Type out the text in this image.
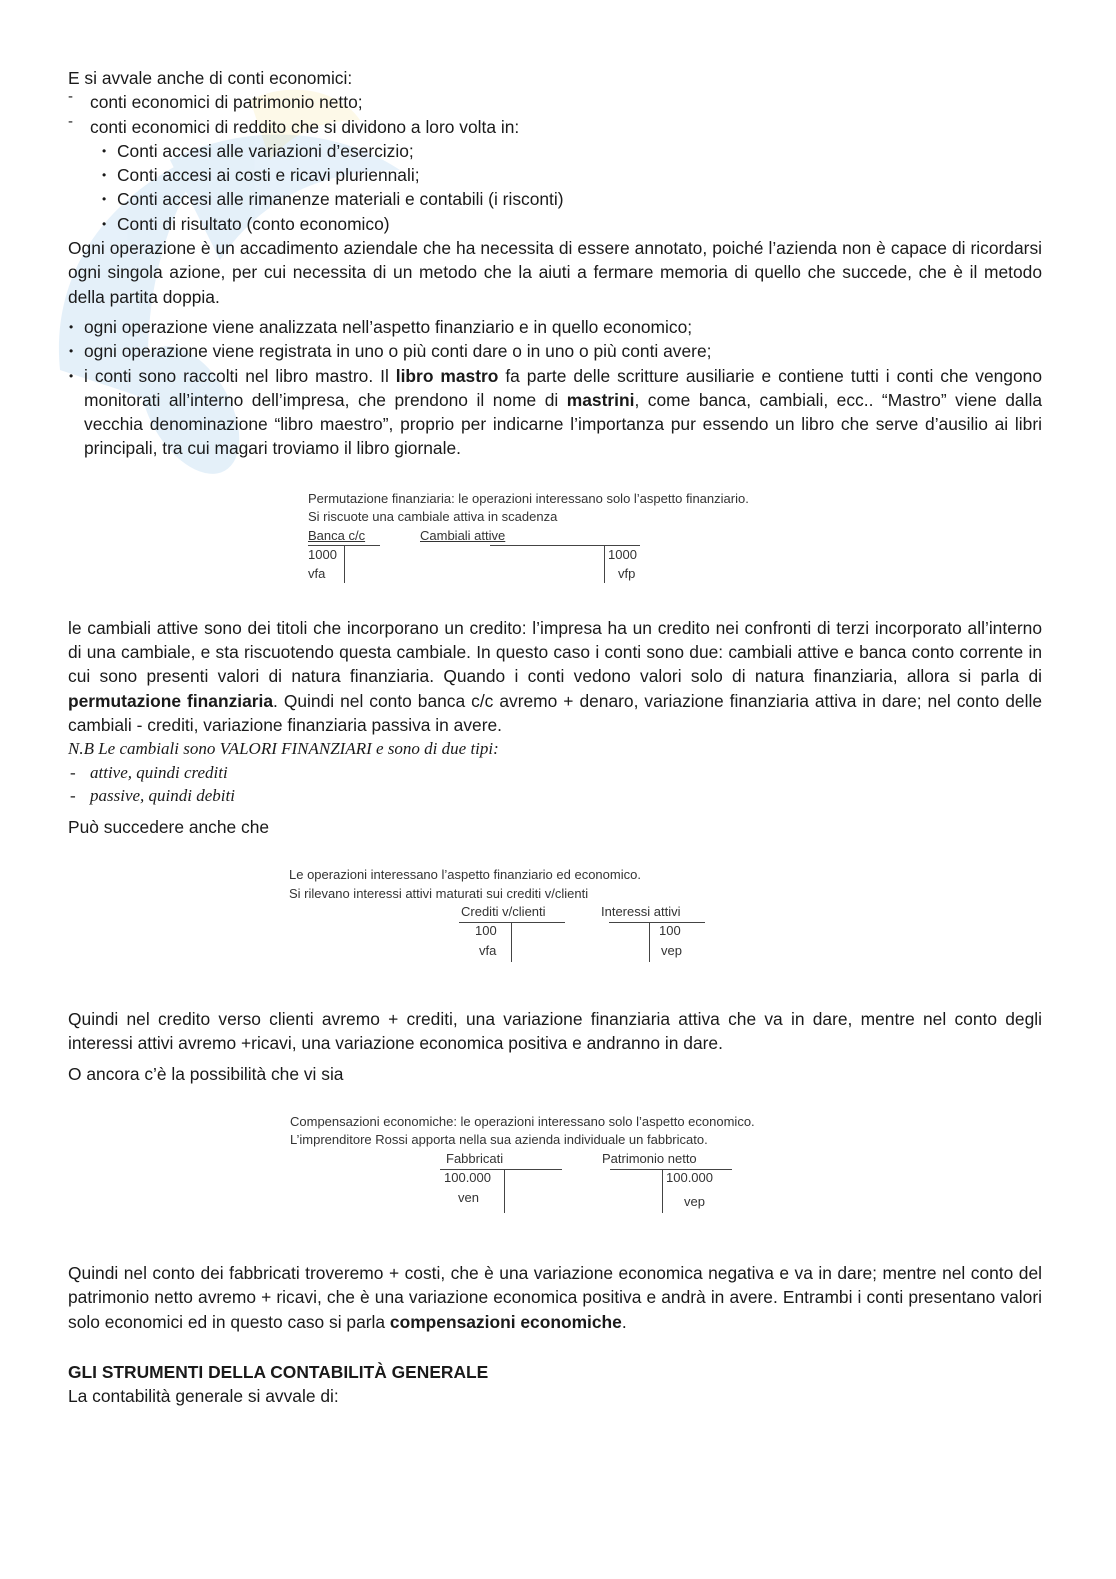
E si avvale anche di conti economici:

- conti economici di patrimonio netto;
- conti economici di reddito che si dividono a loro volta in:
• Conti accesi alle variazioni d’esercizio;
• Conti accesi ai costi e ricavi pluriennali;
• Conti accesi alle rimanenze materiali e contabili (i risconti)
• Conti di risultato (conto economico)

Ogni operazione è un accadimento aziendale che ha necessita di essere annotato, poiché l’azienda non è capace di ricordarsi ogni singola azione, per cui necessita di un metodo che la aiuti a fermare memoria di quello che succede, che è il metodo della partita doppia.

• ogni operazione viene analizzata nell’aspetto finanziario e in quello economico;
• ogni operazione viene registrata in uno o più conti dare o in uno o più conti avere;
• i conti sono raccolti nel libro mastro. Il libro mastro fa parte delle scritture ausiliarie e contiene tutti i conti che vengono monitorati all’interno dell’impresa, che prendono il nome di mastrini, come banca, cambiali, ecc.. “Mastro” viene dalla vecchia denominazione “libro maestro”, proprio per indicarne l’importanza pur essendo un libro che serve d’ausilio ai libri principali, tra cui magari troviamo il libro giornale.
Permutazione finanziaria: le operazioni interessano solo l’aspetto finanziario.
Si riscuote una cambiale attiva in scadenza
Banca c/c
1000
vfa
Cambiali attive
1000
vfp

le cambiali attive sono dei titoli che incorporano un credito: l’impresa ha un credito nei confronti di terzi incorporato all’interno di una cambiale, e sta riscuotendo questa cambiale. In questo caso i conti sono due: cambiali attive e banca conto corrente in cui sono presenti valori di natura finanziaria. Quando i conti vedono valori solo di natura finanziaria, allora si parla di permutazione finanziaria. Quindi nel conto banca c/c avremo + denaro, variazione finanziaria attiva in dare; nel conto delle cambiali - crediti, variazione finanziaria passiva in avere.

N.B Le cambiali sono VALORI FINANZIARI e sono di due tipi:
- attive, quindi crediti
- passive, quindi debiti

Può succedere anche che

Le operazioni interessano l’aspetto finanziario ed economico.
Si rilevano interessi attivi maturati sui crediti v/clienti
Crediti v/clienti
100
vfa
Interessi attivi
100
vep

Quindi nel credito verso clienti avremo + crediti, una variazione finanziaria attiva che va in dare, mentre nel conto degli interessi attivi avremo +ricavi, una variazione economica positiva e andranno in dare.

O ancora c’è la possibilità che vi sia

Compensazioni economiche: le operazioni interessano solo l’aspetto economico.
L’imprenditore Rossi apporta nella sua azienda individuale un fabbricato.
Fabbricati
100.000
ven
Patrimonio netto
100.000
vep

Quindi nel conto dei fabbricati troveremo + costi, che è una variazione economica negativa e va in dare; mentre nel conto del patrimonio netto avremo + ricavi, che è una variazione economica positiva e andrà in avere. Entrambi i conti presentano valori solo economici ed in questo caso si parla compensazioni economiche.

GLI STRUMENTI DELLA CONTABILITÀ GENERALE

La contabilità generale si avvale di:
